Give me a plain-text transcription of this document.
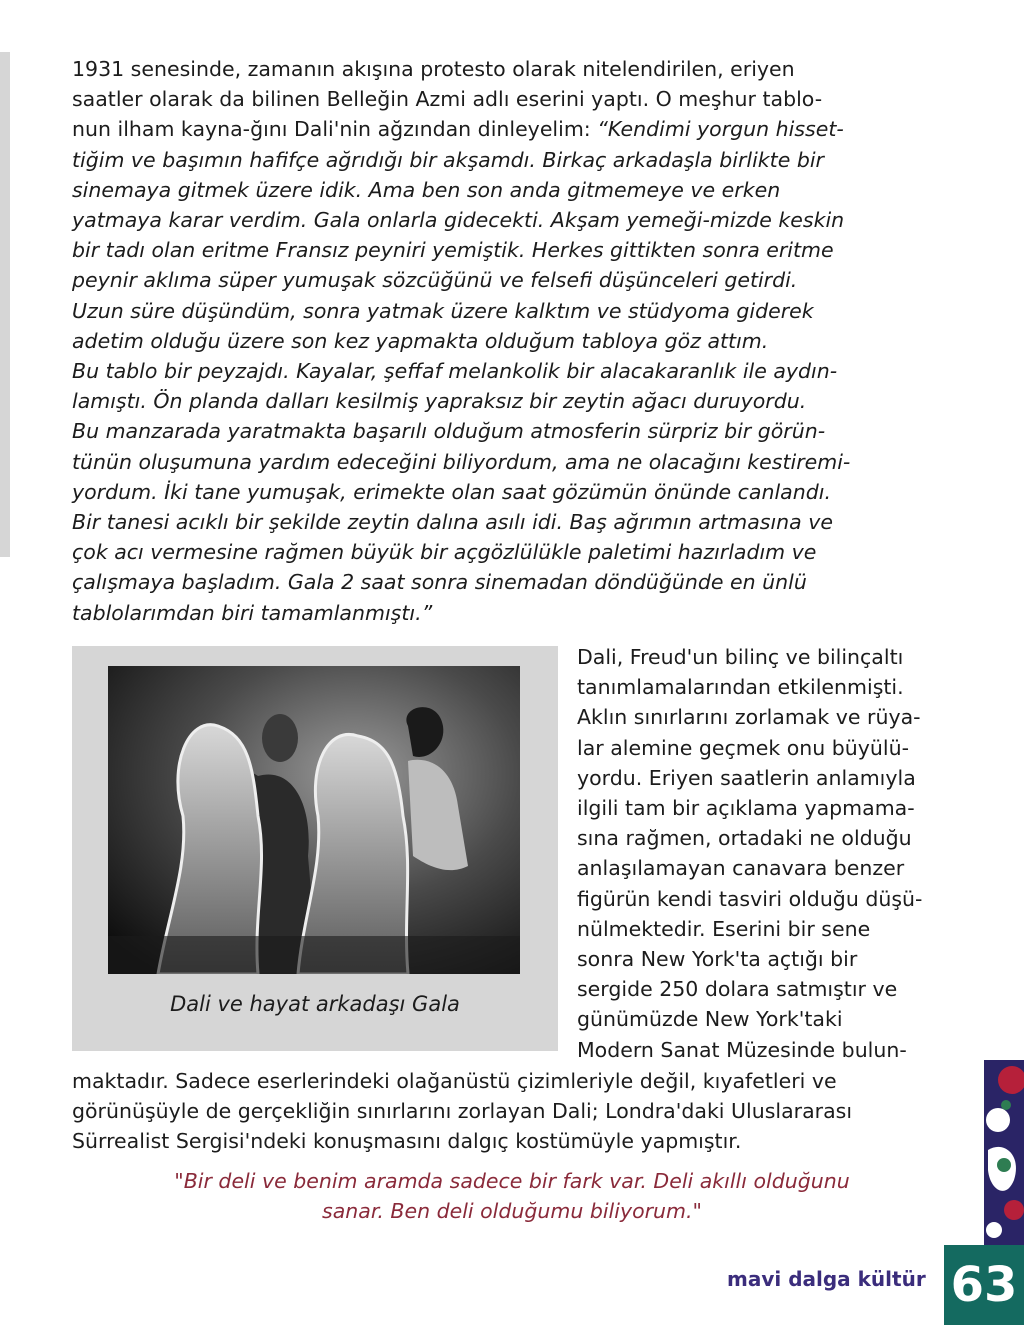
1931 senesinde, zamanın akışına protesto olarak nitelendirilen, eriyen
saatler olarak da bilinen Belleğin Azmi adlı eserini yaptı. O meşhur tablo-
nun ilham kayna-ğını Dali'nin ağzından dinleyelim: “Kendimi yorgun hisset-
tiğim ve başımın hafifçe ağrıdığı bir akşamdı. Birkaç arkadaşla birlikte bir
sinemaya gitmek üzere idik. Ama ben son anda gitmemeye ve erken
yatmaya karar verdim. Gala onlarla gidecekti. Akşam yemeği-mizde keskin
bir tadı olan eritme Fransız peyniri yemiştik. Herkes gittikten sonra eritme
peynir aklıma süper yumuşak sözcüğünü ve felsefi düşünceleri getirdi.
Uzun süre düşündüm, sonra yatmak üzere kalktım ve stüdyoma giderek
adetim olduğu üzere son kez yapmakta olduğum tabloya göz attım.
Bu tablo bir peyzajdı. Kayalar, şeffaf melankolik bir alacakaranlık ile aydın-
lamıştı. Ön planda dalları kesilmiş yapraksız bir zeytin ağacı duruyordu.
Bu manzarada yaratmakta başarılı olduğum atmosferin sürpriz bir görün-
tünün oluşumuna yardım edeceğini biliyordum, ama ne olacağını kestiremi-
yordum. İki tane yumuşak, erimekte olan saat gözümün önünde canlandı.
Bir tanesi acıklı bir şekilde zeytin dalına asılı idi. Baş ağrımın artmasına ve
çok acı vermesine rağmen büyük bir açgözlülükle paletimi hazırladım ve
çalışmaya başladım. Gala 2 saat sonra sinemadan döndüğünde en ünlü
tablolarımdan biri tamamlanmıştı.”
Dali ve hayat arkadaşı Gala
Dali, Freud'un bilinç ve bilinçaltı
tanımlamalarından etkilenmişti.
Aklın sınırlarını zorlamak ve rüya-
lar alemine geçmek onu büyülü-
yordu. Eriyen saatlerin anlamıyla
ilgili tam bir açıklama yapmama-
sına rağmen, ortadaki ne olduğu
anlaşılamayan canavara benzer
figürün kendi tasviri olduğu düşü-
nülmektedir. Eserini bir sene
sonra New York'ta açtığı bir
sergide 250 dolara satmıştır ve
günümüzde New York'taki
Modern Sanat Müzesinde bulun-
maktadır. Sadece eserlerindeki olağanüstü çizimleriyle değil, kıyafetleri ve
görünüşüyle de gerçekliğin sınırlarını zorlayan Dali; Londra'daki Uluslararası
Sürrealist Sergisi'ndeki konuşmasını dalgıç kostümüyle yapmıştır.
"Bir deli ve benim aramda sadece bir fark var. Deli akıllı olduğunu
sanar. Ben deli olduğumu biliyorum."
mavi dalga kültür 63
